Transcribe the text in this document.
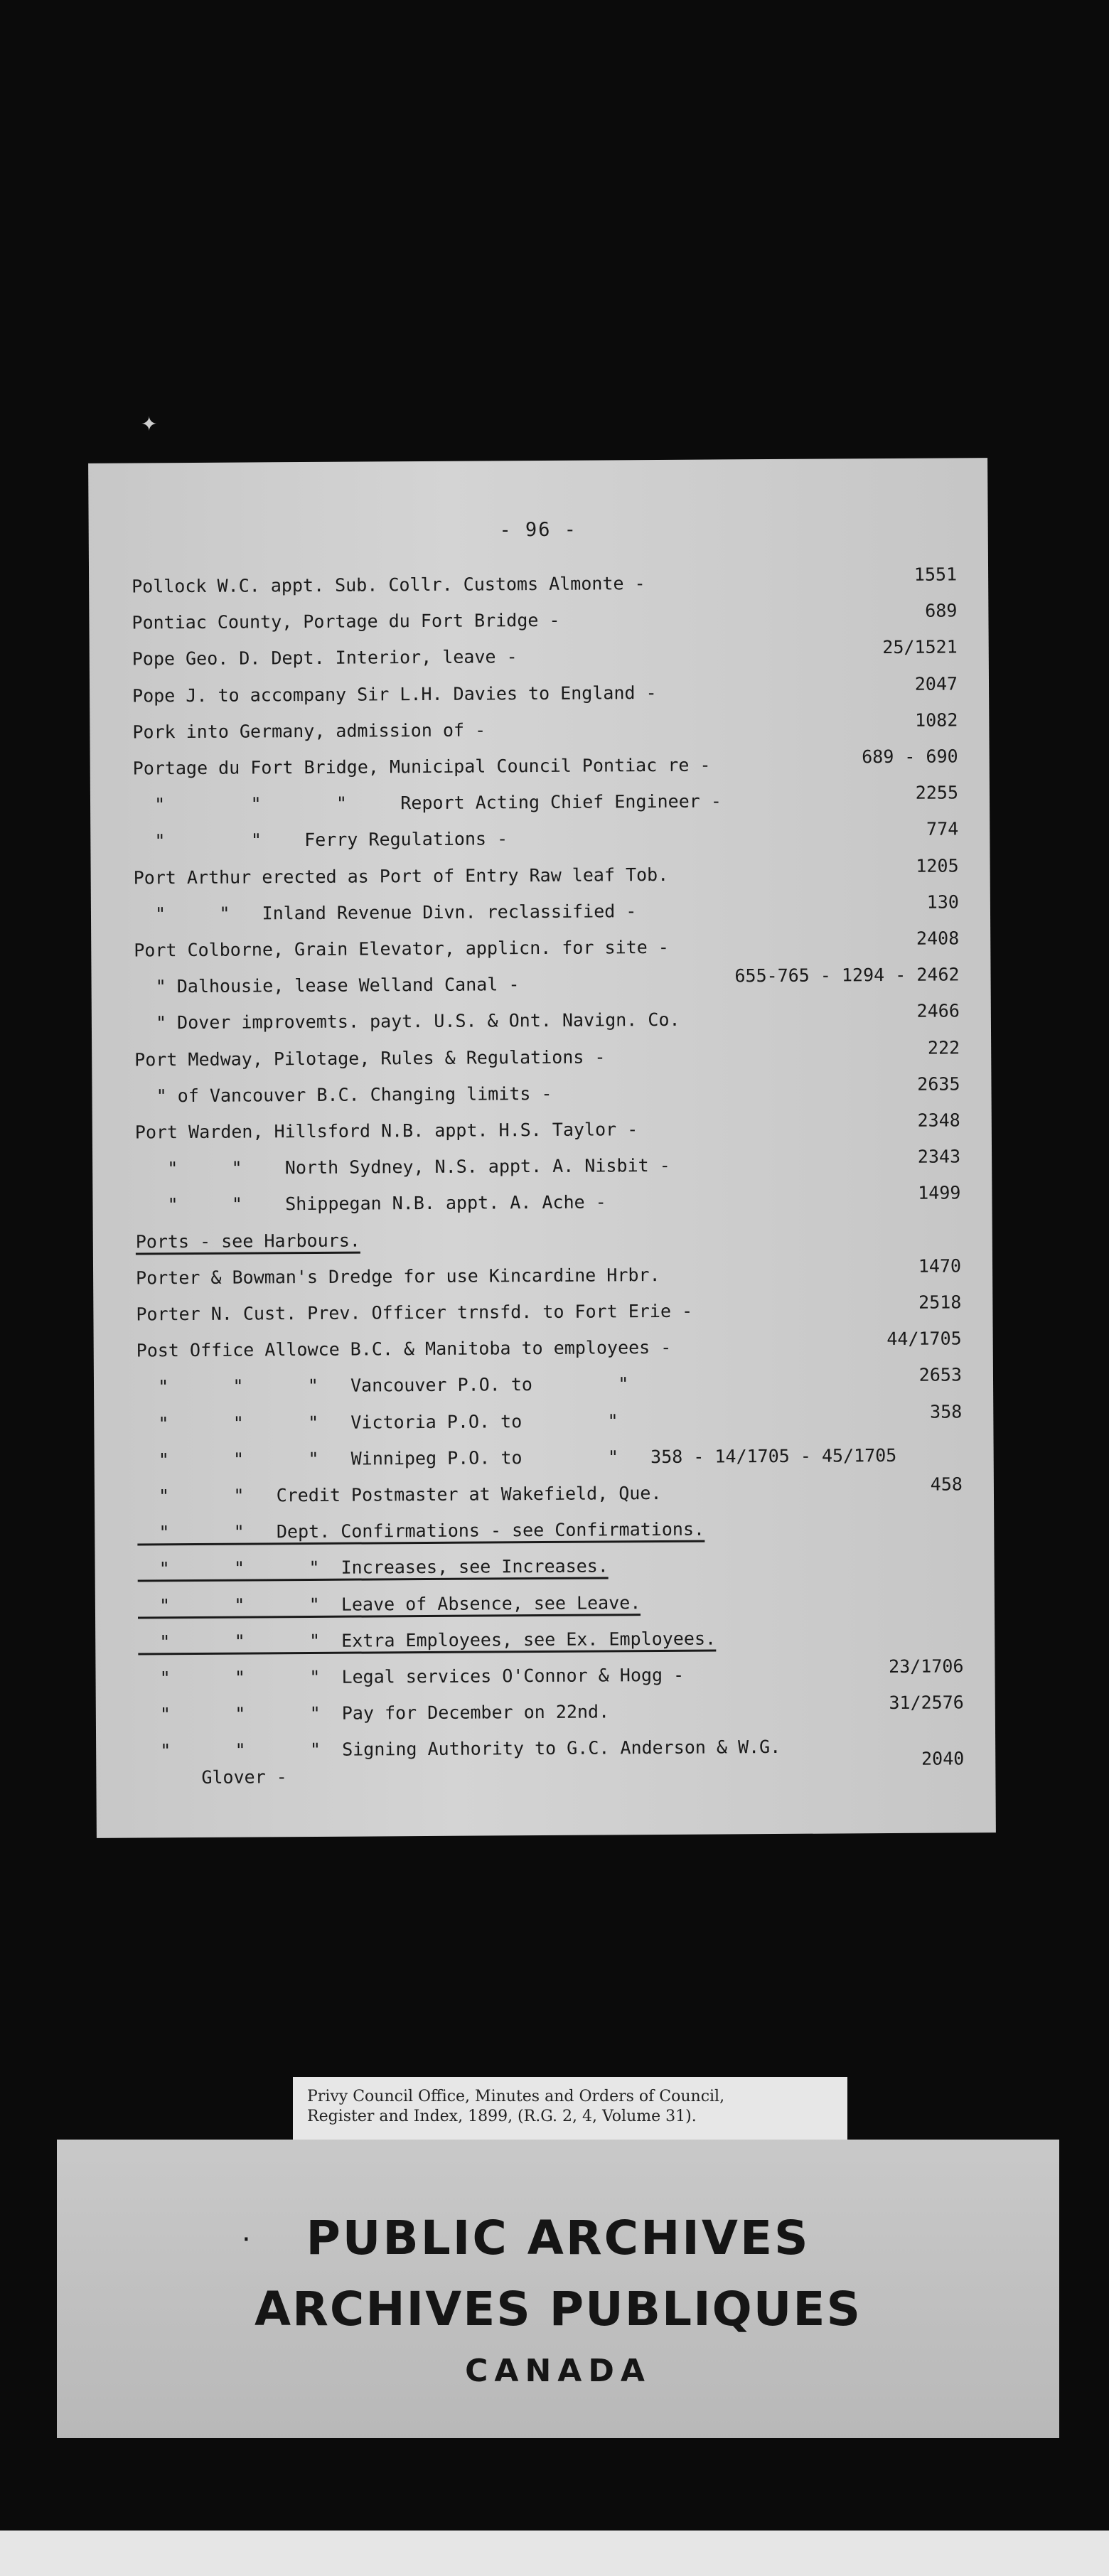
✦
- 96 -
Pollock W.C. appt. Sub. Collr. Customs Almonte -	1551
Pontiac County, Portage du Fort Bridge -	689
Pope Geo. D. Dept. Interior, leave -	25/1521
Pope J. to accompany Sir L.H. Davies to England -	2047
Pork into Germany, admission of -	1082
Portage du Fort Bridge, Municipal Council Pontiac re -	689 - 690
"        "       "     Report Acting Chief Engineer -	2255
"        "    Ferry Regulations -	774
Port Arthur erected as Port of Entry Raw leaf Tob.	1205
"     "   Inland Revenue Divn. reclassified -	130
Port Colborne, Grain Elevator, applicn. for site -	2408
" Dalhousie, lease Welland Canal -	655-765 - 1294 - 2462
" Dover improvemts. payt. U.S. & Ont. Navign. Co.	2466
Port Medway, Pilotage, Rules & Regulations -	222
" of Vancouver B.C. Changing limits -	2635
Port Warden, Hillsford N.B. appt. H.S. Taylor -	2348
"     "    North Sydney, N.S. appt. A. Nisbit -	2343
"     "    Shippegan N.B. appt. A. Ache -	1499
Ports - see Harbours.
Porter & Bowman's Dredge for use Kincardine Hrbr.	1470
Porter N. Cust. Prev. Officer trnsfd. to Fort Erie -	2518
Post Office Allowce B.C. & Manitoba to employees -	44/1705
"      "      "   Vancouver P.O. to        "	2653
"      "      "   Victoria P.O. to        "	358
"      "      "   Winnipeg P.O. to        "   358 - 14/1705 - 45/1705
"      "   Credit Postmaster at Wakefield, Que.	458
"      "   Dept. Confirmations - see Confirmations.
"      "      "  Increases, see Increases.
"      "      "  Leave of Absence, see Leave.
"      "      "  Extra Employees, see Ex. Employees.
"      "      "  Legal services O'Connor & Hogg -	23/1706
"      "      "  Pay for December on 22nd.	31/2576
"      "      "  Signing Authority to G.C. Anderson & W.G.	2040
Glover -
Privy Council Office, Minutes and Orders of Council,
Register and Index, 1899, (R.G. 2, 4, Volume 31).
·	PUBLIC ARCHIVES
ARCHIVES PUBLIQUES
CANADA
